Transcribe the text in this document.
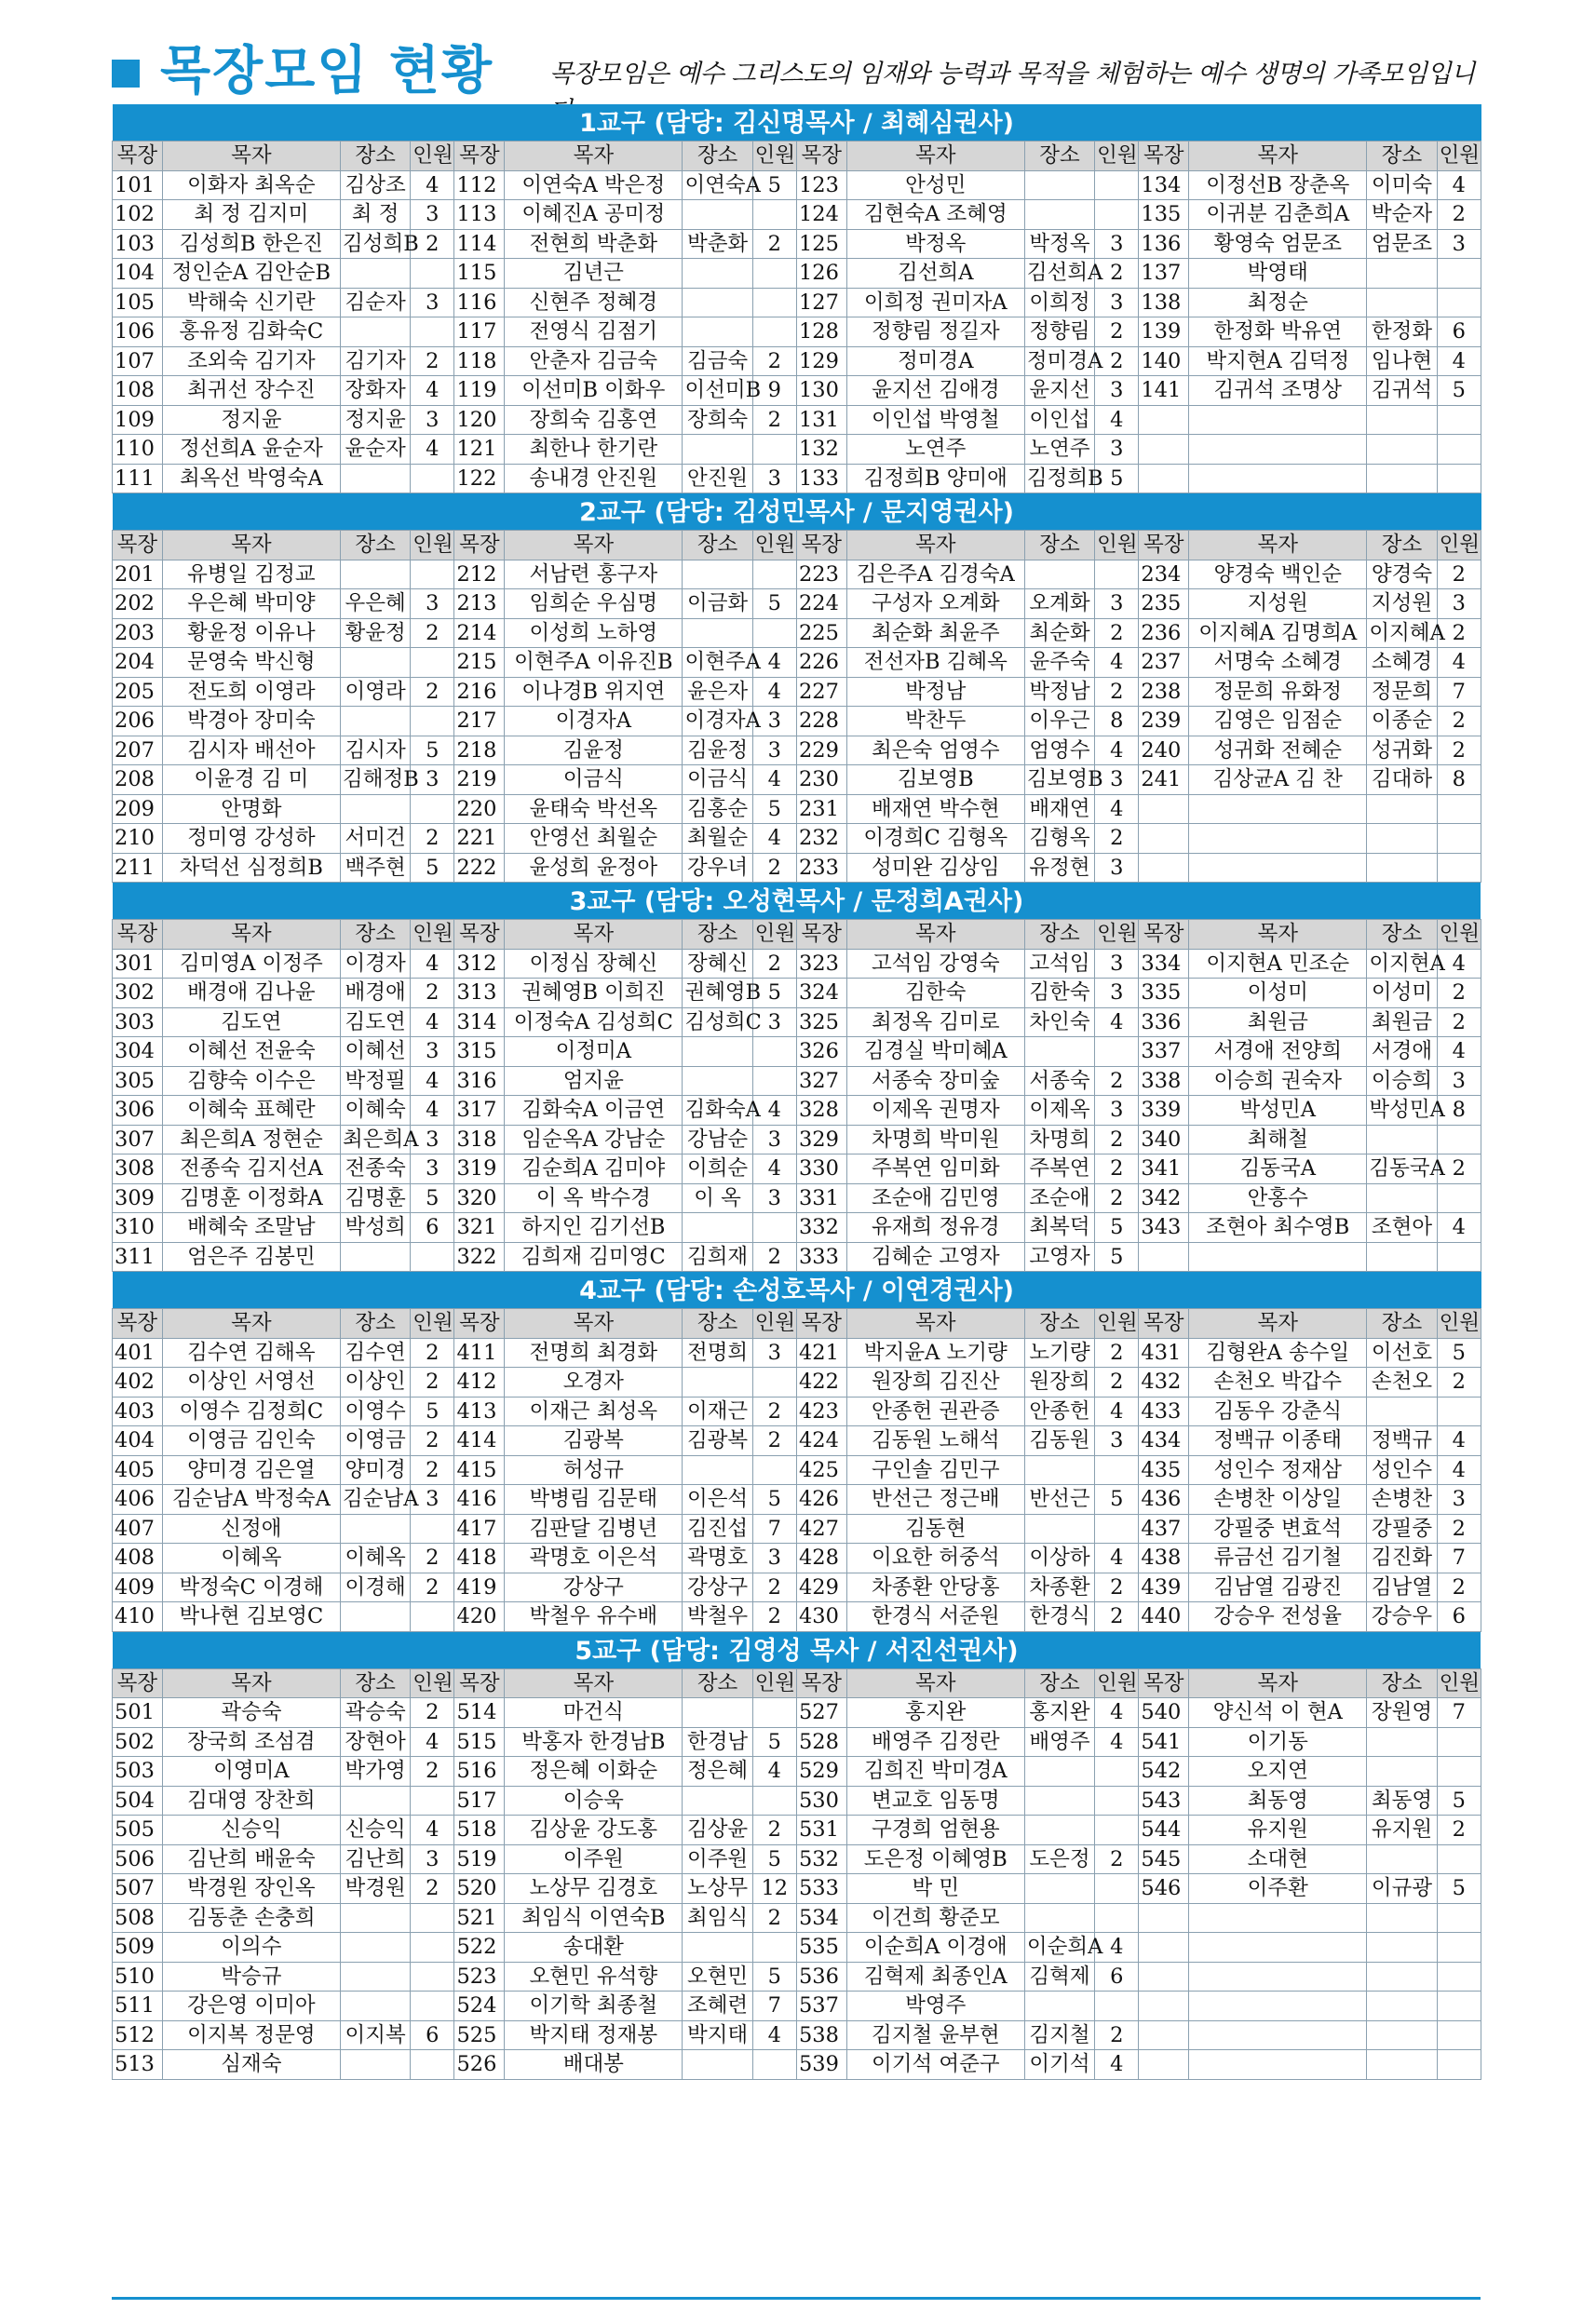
목장모임 현황 목장모임은 예수 그리스도의 임재와 능력과 목적을 체험하는 예수 생명의 가족모임입니
1교구 (담당: 김신명목사 / 최혜심권사)															
목장	목자	장소	인원	목장	목자	장소	인원	목장	목자	장소	인원	목장	목자	장소	인원
101	이화자 최옥순	김상조	4	112	이연숙A 박은정	이연숙A	5	123	안성민			134	이정선B 장춘옥	이미숙	4
102	최 정 김지미	최 정	3	113	이혜진A 공미정			124	김현숙A 조혜영			135	이귀분 김춘희A	박순자	2
103	김성희B 한은진	김성희B	2	114	전현희 박춘화	박춘화	2	125	박정옥	박정옥	3	136	황영숙 엄문조	엄문조	3
104	정인순A 김안순B			115	김년근			126	김선희A	김선희A	2	137	박영태		
105	박해숙 신기란	김순자	3	116	신현주 정혜경			127	이희정 권미자A	이희정	3	138	최정순		
106	홍유정 김화숙C			117	전영식 김점기			128	정향림 정길자	정향림	2	139	한정화 박유연	한정화	6
107	조외숙 김기자	김기자	2	118	안춘자 김금숙	김금숙	2	129	정미경A	정미경A	2	140	박지현A 김덕정	임나현	4
108	최귀선 장수진	장화자	4	119	이선미B 이화우	이선미B	9	130	윤지선 김애경	윤지선	3	141	김귀석 조명상	김귀석	5
109	정지윤	정지윤	3	120	장희숙 김홍연	장희숙	2	131	이인섭 박영철	이인섭	4				
110	정선희A 윤순자	윤순자	4	121	최한나 한기란			132	노연주	노연주	3				
111	최옥선 박영숙A			122	송내경 안진원	안진원	3	133	김정희B 양미애	김정희B	5				
2교구 (담당: 김성민목사 / 문지영권사)															
목장	목자	장소	인원	목장	목자	장소	인원	목장	목자	장소	인원	목장	목자	장소	인원
201	유병일 김정교			212	서남련 홍구자			223	김은주A 김경숙A			234	양경숙 백인순	양경숙	2
202	우은혜 박미양	우은혜	3	213	임희순 우심명	이금화	5	224	구성자 오계화	오계화	3	235	지성원	지성원	3
203	황윤정 이유나	황윤정	2	214	이성희 노하영			225	최순화 최윤주	최순화	2	236	이지혜A 김명희A	이지혜A	2
204	문영숙 박신형			215	이현주A 이유진B	이현주A	4	226	전선자B 김혜옥	윤주숙	4	237	서명숙 소혜경	소혜경	4
205	전도희 이영라	이영라	2	216	이나경B 위지연	윤은자	4	227	박정남	박정남	2	238	정문희 유화정	정문희	7
206	박경아 장미숙			217	이경자A	이경자A	3	228	박찬두	이우근	8	239	김영은 임점순	이종순	2
207	김시자 배선아	김시자	5	218	김윤정	김윤정	3	229	최은숙 엄영수	엄영수	4	240	성귀화 전혜순	성귀화	2
208	이윤경 김 미	김해정B	3	219	이금식	이금식	4	230	김보영B	김보영B	3	241	김상균A 김 찬	김대하	8
209	안명화			220	윤태숙 박선옥	김홍순	5	231	배재연 박수현	배재연	4				
210	정미영 강성하	서미건	2	221	안영선 최월순	최월순	4	232	이경희C 김형옥	김형옥	2				
211	차덕선 심정희B	백주현	5	222	윤성희 윤정아	강우녀	2	233	성미완 김상임	유정현	3				
3교구 (담당: 오성현목사 / 문정희A권사)															
목장	목자	장소	인원	목장	목자	장소	인원	목장	목자	장소	인원	목장	목자	장소	인원
301	김미영A 이정주	이경자	4	312	이정심 장혜신	장혜신	2	323	고석임 강영숙	고석임	3	334	이지현A 민조순	이지현A	4
302	배경애 김나윤	배경애	2	313	권혜영B 이희진	권혜영B	5	324	김한숙	김한숙	3	335	이성미	이성미	2
303	김도연	김도연	4	314	이정숙A 김성희C	김성희C	3	325	최정옥 김미로	차인숙	4	336	최원금	최원금	2
304	이혜선 전윤숙	이혜선	3	315	이정미A			326	김경실 박미혜A			337	서경애 전양희	서경애	4
305	김향숙 이수은	박정필	4	316	엄지윤			327	서종숙 장미숲	서종숙	2	338	이승희 권숙자	이승희	3
306	이혜숙 표혜란	이혜숙	4	317	김화숙A 이금연	김화숙A	4	328	이제옥 권명자	이제옥	3	339	박성민A	박성민A	8
307	최은희A 정현순	최은희A	3	318	임순옥A 강남순	강남순	3	329	차명희 박미원	차명희	2	340	최해철		
308	전종숙 김지선A	전종숙	3	319	김순희A 김미야	이희순	4	330	주복연 임미화	주복연	2	341	김동국A	김동국A	2
309	김명훈 이정화A	김명훈	5	320	이 옥 박수경	이 옥	3	331	조순애 김민영	조순애	2	342	안홍수		
310	배혜숙 조말남	박성희	6	321	하지인 김기선B			332	유재희 정유경	최복덕	5	343	조현아 최수영B	조현아	4
311	엄은주 김봉민			322	김희재 김미영C	김희재	2	333	김혜순 고영자	고영자	5				
4교구 (담당: 손성호목사 / 이연경권사)															
목장	목자	장소	인원	목장	목자	장소	인원	목장	목자	장소	인원	목장	목자	장소	인원
401	김수연 김해옥	김수연	2	411	전명희 최경화	전명희	3	421	박지윤A 노기량	노기량	2	431	김형완A 송수일	이선호	5
402	이상인 서영선	이상인	2	412	오경자			422	원장희 김진산	원장희	2	432	손천오 박갑수	손천오	2
403	이영수 김정희C	이영수	5	413	이재근 최성옥	이재근	2	423	안종헌 권관증	안종헌	4	433	김동우 강춘식		
404	이영금 김인숙	이영금	2	414	김광복	김광복	2	424	김동원 노해석	김동원	3	434	정백규 이종태	정백규	4
405	양미경 김은열	양미경	2	415	허성규			425	구인솔 김민구			435	성인수 정재삼	성인수	4
406	김순남A 박정숙A	김순남A	3	416	박병림 김문태	이은석	5	426	반선근 정근배	반선근	5	436	손병찬 이상일	손병찬	3
407	신정애			417	김판달 김병년	김진섭	7	427	김동현			437	강필중 변효석	강필중	2
408	이혜옥	이혜옥	2	418	곽명호 이은석	곽명호	3	428	이요한 허중석	이상하	4	438	류금선 김기철	김진화	7
409	박정숙C 이경해	이경해	2	419	강상구	강상구	2	429	차종환 안당홍	차종환	2	439	김남열 김광진	김남열	2
410	박나현 김보영C			420	박철우 유수배	박철우	2	430	한경식 서준원	한경식	2	440	강승우 전성율	강승우	6
5교구 (담당: 김영성 목사 / 서진선권사)															
목장	목자	장소	인원	목장	목자	장소	인원	목장	목자	장소	인원	목장	목자	장소	인원
501	곽승숙	곽승숙	2	514	마건식			527	홍지완	홍지완	4	540	양신석 이 현A	장원영	7
502	장국희 조섬겸	장현아	4	515	박홍자 한경남B	한경남	5	528	배영주 김정란	배영주	4	541	이기동		
503	이영미A	박가영	2	516	정은혜 이화순	정은혜	4	529	김희진 박미경A			542	오지연		
504	김대영 장찬희			517	이승욱			530	변교호 임동명			543	최동영	최동영	5
505	신승익	신승익	4	518	김상윤 강도홍	김상윤	2	531	구경희 엄현용			544	유지원	유지원	2
506	김난희 배윤숙	김난희	3	519	이주원	이주원	5	532	도은정 이혜영B	도은정	2	545	소대현		
507	박경원 장인옥	박경원	2	520	노상무 김경호	노상무	12	533	박 민			546	이주환	이규광	5
508	김동춘 손충희			521	최임식 이연숙B	최임식	2	534	이건희 황준모						
509	이의수			522	송대환			535	이순희A 이경애	이순희A	4				
510	박승규			523	오현민 유석향	오현민	5	536	김혁제 최종인A	김혁제	6				
511	강은영 이미아			524	이기학 최종철	조혜련	7	537	박영주						
512	이지복 정문영	이지복	6	525	박지태 정재봉	박지태	4	538	김지철 윤부현	김지철	2				
513	심재숙			526	배대봉			539	이기석 여준구	이기석	4				
